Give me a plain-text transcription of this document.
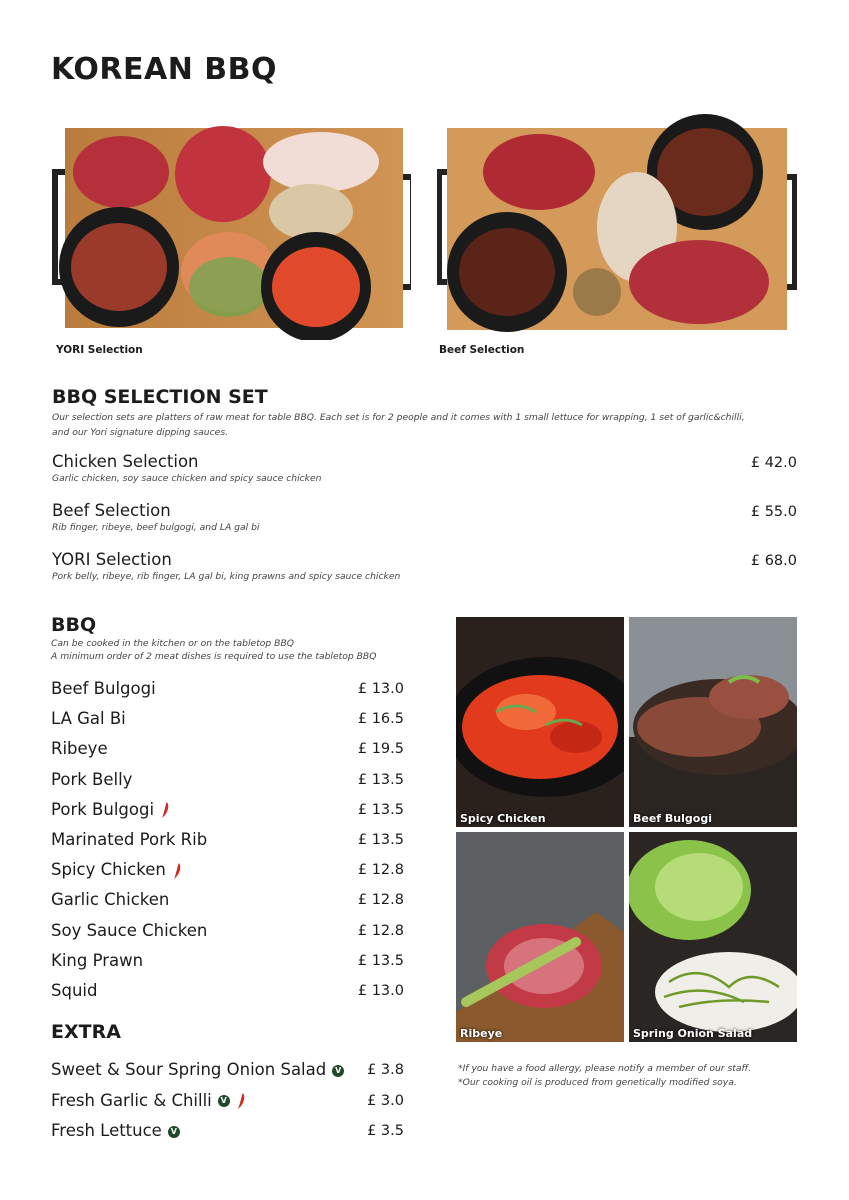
KOREAN BBQ
YORI Selection	Beef Selection
BBQ SELECTION SET
Our selection sets are platters of raw meat for table BBQ. Each set is for 2 people and it comes with 1 small lettuce for wrapping, 1 set of garlic&chilli,
and our Yori signature dipping sauces.
Chicken Selection
Garlic chicken, soy sauce chicken and spicy sauce chicken
£ 42.0
Beef Selection
Rib finger, ribeye, beef bulgogi, and LA gal bi
£ 55.0
YORI Selection
Pork belly, ribeye, rib finger, LA gal bi, king prawns and spicy sauce chicken
£ 68.0
BBQ
Can be cooked in the kitchen or on the tabletop BBQ
A minimum order of 2 meat dishes is required to use the tabletop BBQ
Beef Bulgogi	£ 13.0
LA Gal Bi	£ 16.5
Ribeye	£ 19.5
Pork Belly	£ 13.5
Pork Bulgogi	£ 13.5
Marinated Pork Rib	£ 13.5
Spicy Chicken	£ 12.8
Garlic Chicken	£ 12.8
Soy Sauce Chicken	£ 12.8
King Prawn	£ 13.5
Squid	£ 13.0
EXTRA
Sweet & Sour Spring Onion Salad V £ 3.8
Fresh Garlic & Chilli V	£ 3.0
Fresh Lettuce V	£ 3.5
Spicy Chicken	Beef Bulgogi
Ribeye	Spring Onion Salad
*If you have a food allergy, please notify a member of our staff.
*Our cooking oil is produced from genetically modified soya.
